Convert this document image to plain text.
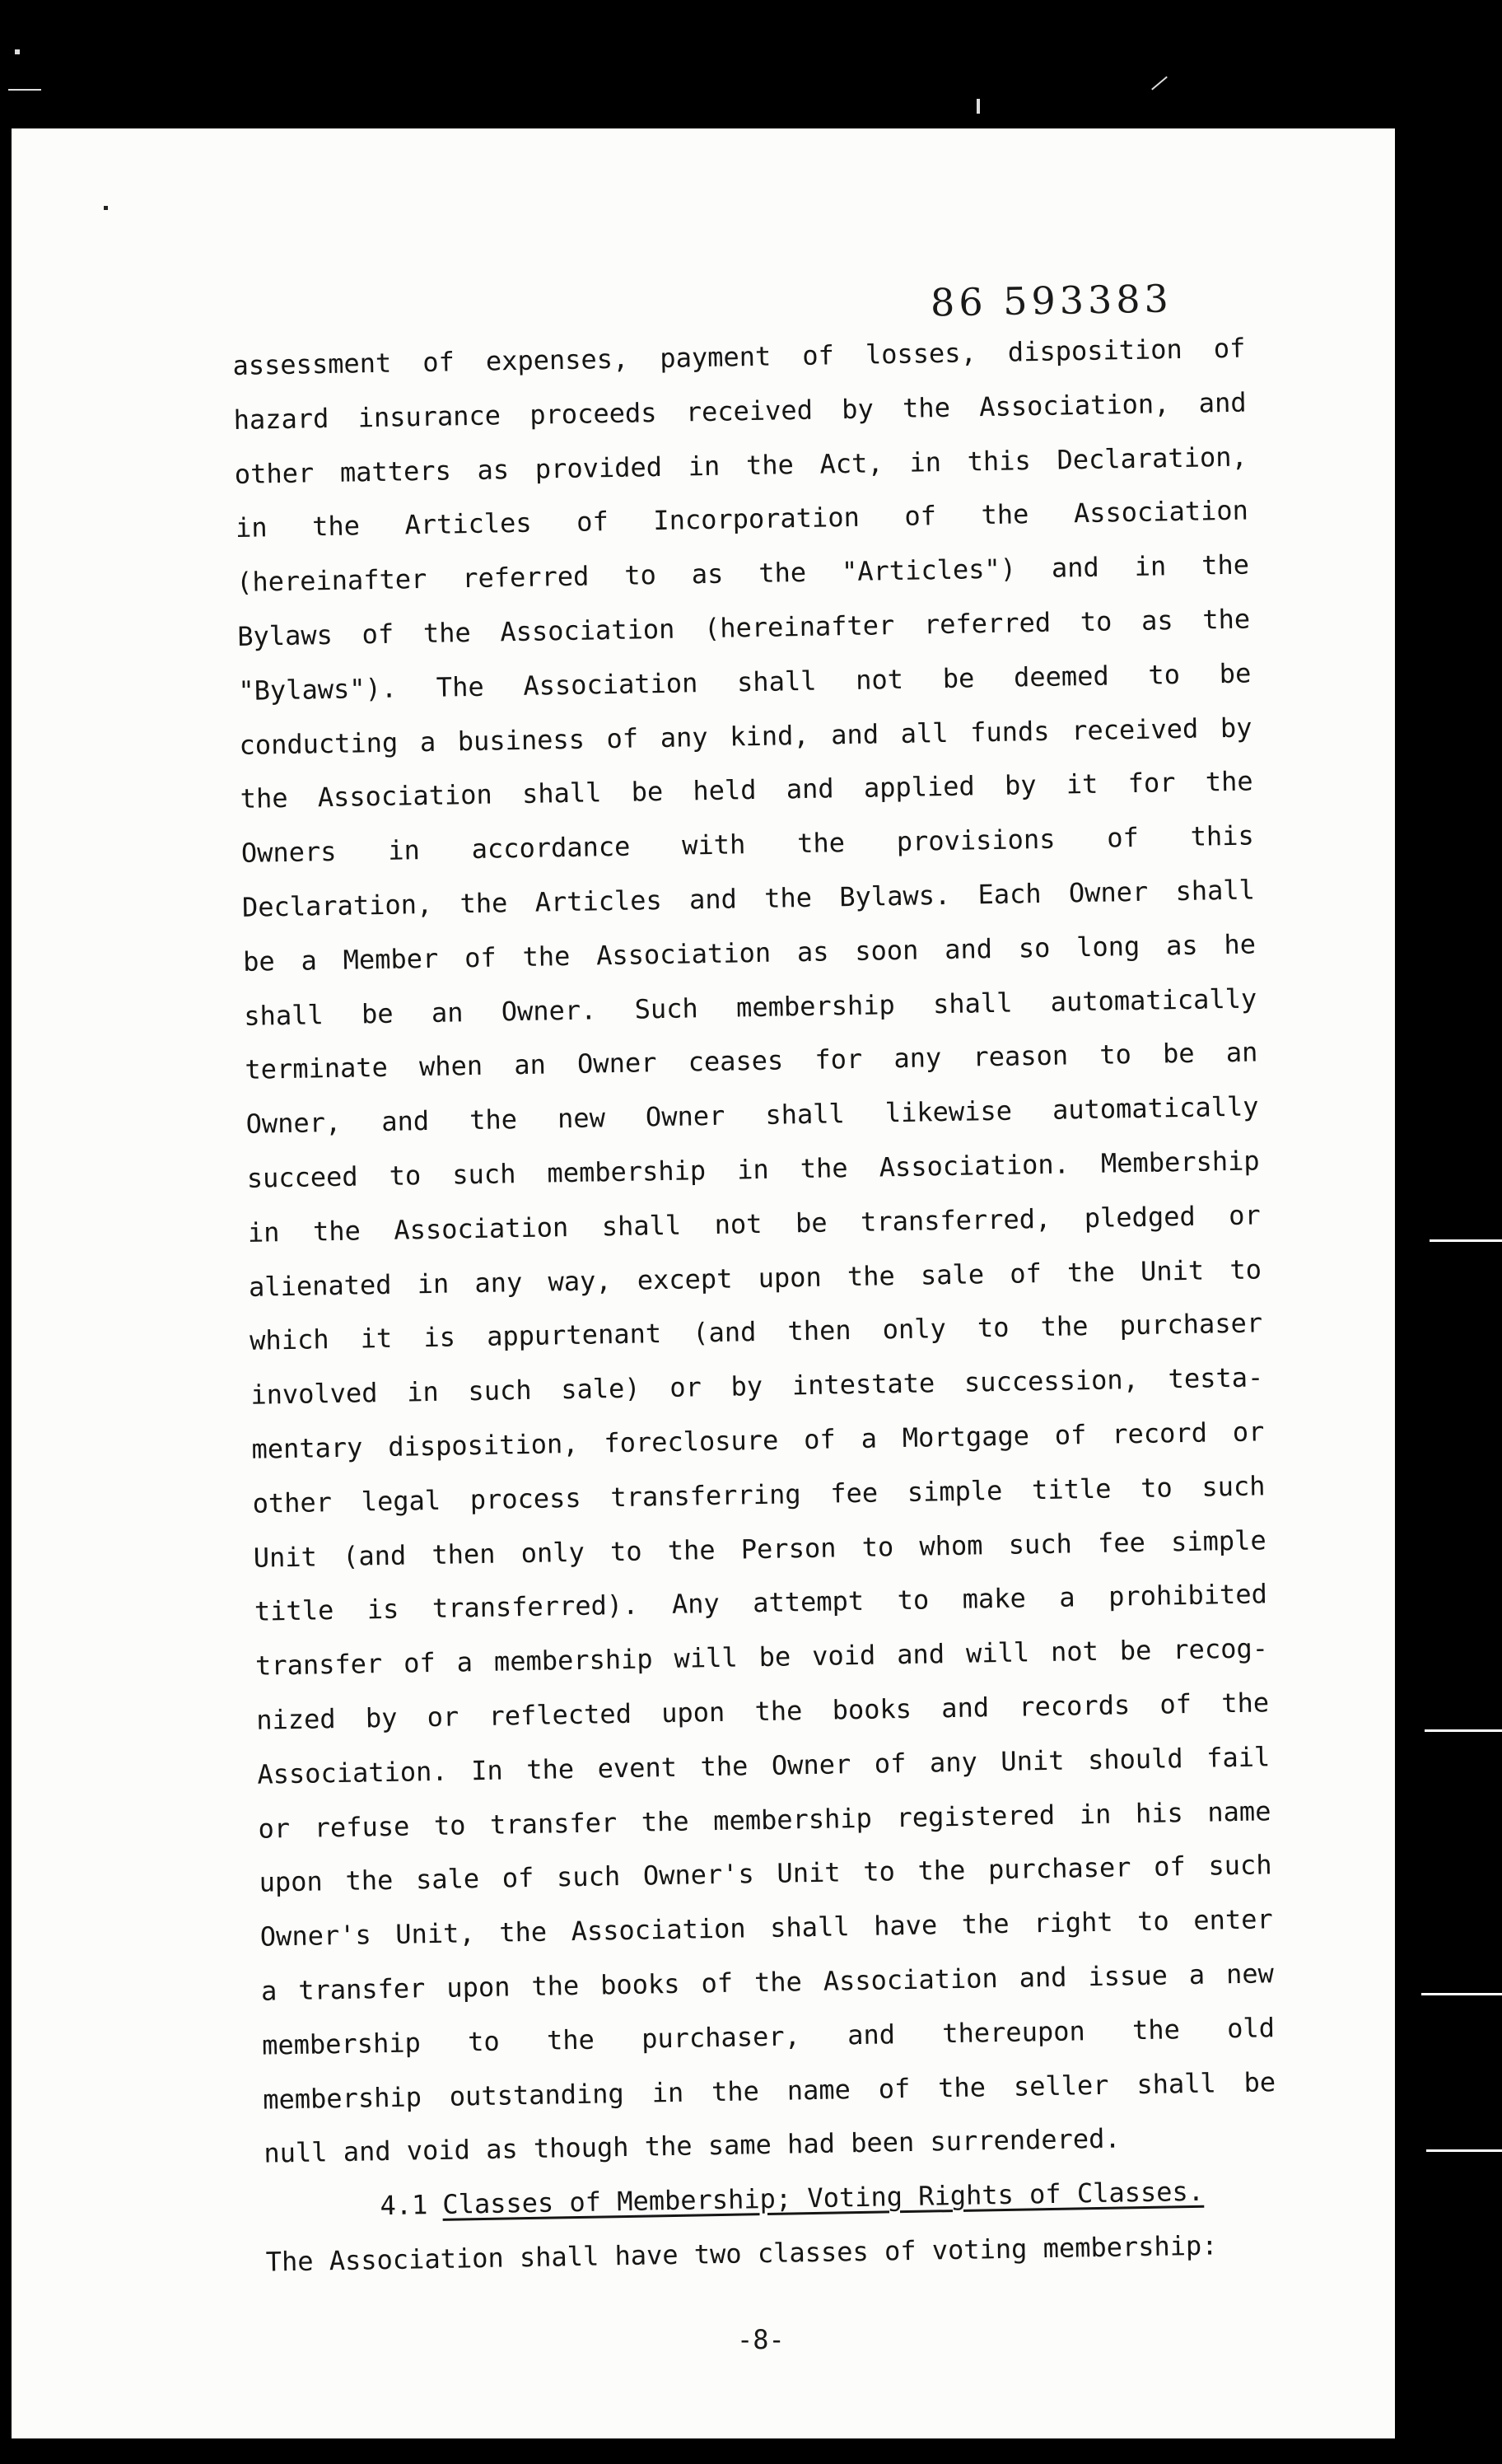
86 593383
assessment of expenses, payment of losses, disposition of
hazard insurance proceeds received by the Association, and
other matters as provided in the Act, in this Declaration,
in the Articles of Incorporation of the Association
(hereinafter referred to as the "Articles") and in the
Bylaws of the Association (hereinafter referred to as the
"Bylaws"). The Association shall not be deemed to be
conducting a business of any kind, and all funds received by
the Association shall be held and applied by it for the
Owners in accordance with the provisions of this
Declaration, the Articles and the Bylaws. Each Owner shall
be a Member of the Association as soon and so long as he
shall be an Owner. Such membership shall automatically
terminate when an Owner ceases for any reason to be an
Owner, and the new Owner shall likewise automatically
succeed to such membership in the Association. Membership
in the Association shall not be transferred, pledged or
alienated in any way, except upon the sale of the Unit to
which it is appurtenant (and then only to the purchaser
involved in such sale) or by intestate succession, testa-
mentary disposition, foreclosure of a Mortgage of record or
other legal process transferring fee simple title to such
Unit (and then only to the Person to whom such fee simple
title is transferred). Any attempt to make a prohibited
transfer of a membership will be void and will not be recog-
nized by or reflected upon the books and records of the
Association. In the event the Owner of any Unit should fail
or refuse to transfer the membership registered in his name
upon the sale of such Owner's Unit to the purchaser of such
Owner's Unit, the Association shall have the right to enter
a transfer upon the books of the Association and issue a new
membership to the purchaser, and thereupon the old
membership outstanding in the name of the seller shall be
null and void as though the same had been surrendered.
4.1 Classes of Membership; Voting Rights of Classes.
The Association shall have two classes of voting membership:
-8-
